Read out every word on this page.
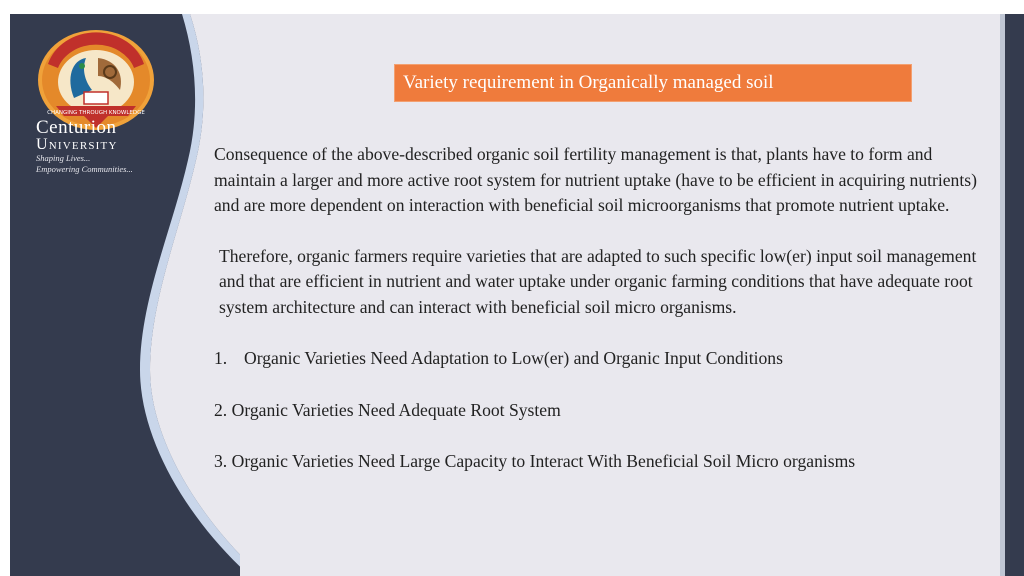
CHANGING THROUGH KNOWLEDGE
Centurion
University
Shaping Lives...
Empowering Communities...
Variety requirement in Organically managed soil

Consequence of the above-described organic soil fertility management is that, plants have to form and maintain a larger and more active root system for nutrient uptake (have to be efficient in acquiring nutrients) and are more dependent on interaction with beneficial soil microorganisms that promote nutrient uptake.

Therefore, organic farmers require varieties that are adapted to such specific low(er) input soil management and that are efficient in nutrient and water uptake under organic farming conditions that have adequate root system architecture and can interact with beneficial soil micro organisms.

1. Organic Varieties Need Adaptation to Low(er) and Organic Input Conditions

2. Organic Varieties Need Adequate Root System

3. Organic Varieties Need Large Capacity to Interact With Beneficial Soil Micro organisms
